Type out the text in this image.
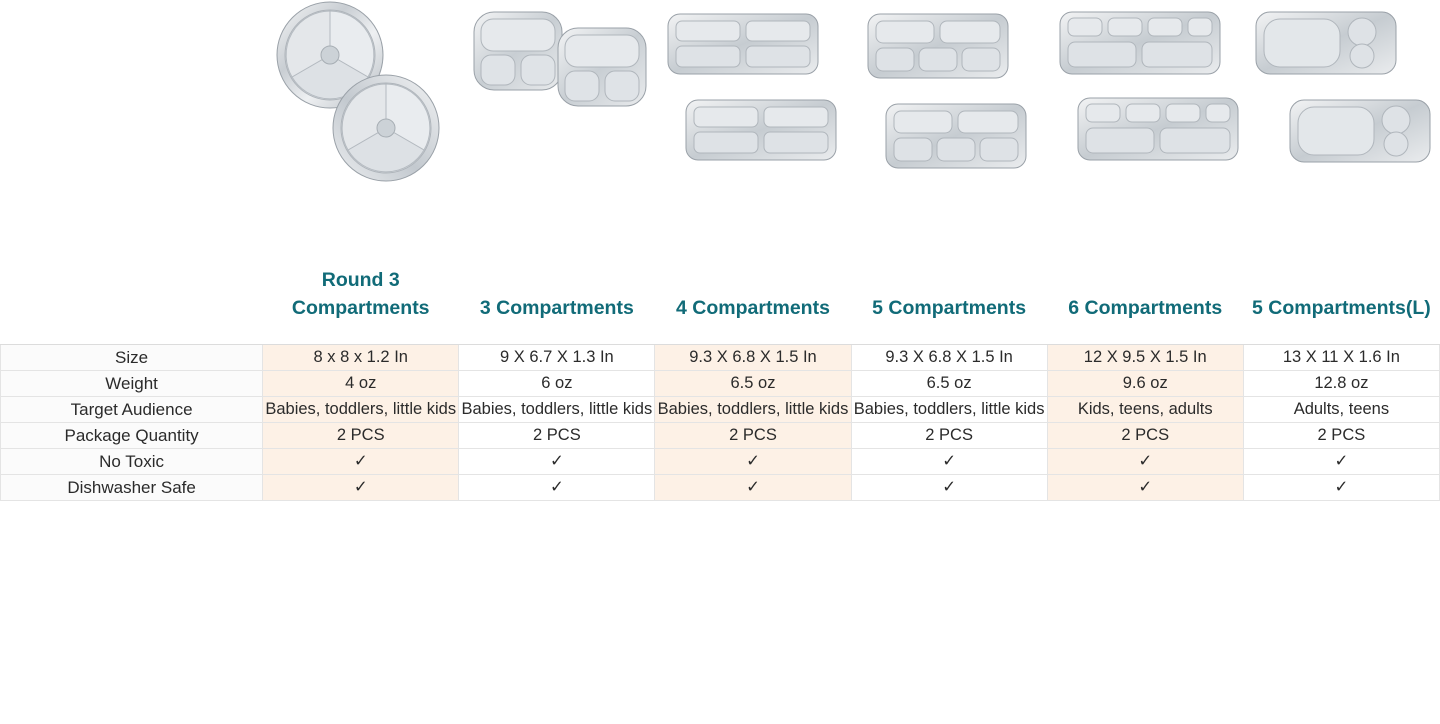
	Round 3 Compartments	3 Compartments	4 Compartments	5 Compartments	6 Compartments	5 Compartments(L)
Size	8 x 8 x 1.2 In	9 X 6.7 X 1.3 In	9.3 X 6.8 X 1.5 In	9.3 X 6.8 X 1.5 In	12 X 9.5 X 1.5 In	13 X 11 X 1.6 In
Weight	4 oz	6 oz	6.5 oz	6.5 oz	9.6 oz	12.8 oz
Target Audience	Babies, toddlers, little kids	Babies, toddlers, little kids	Babies, toddlers, little kids	Babies, toddlers, little kids	Kids, teens, adults	Adults, teens
Package Quantity	2 PCS	2 PCS	2 PCS	2 PCS	2 PCS	2 PCS
No Toxic	✓	✓	✓	✓	✓	✓
Dishwasher Safe	✓	✓	✓	✓	✓	✓
